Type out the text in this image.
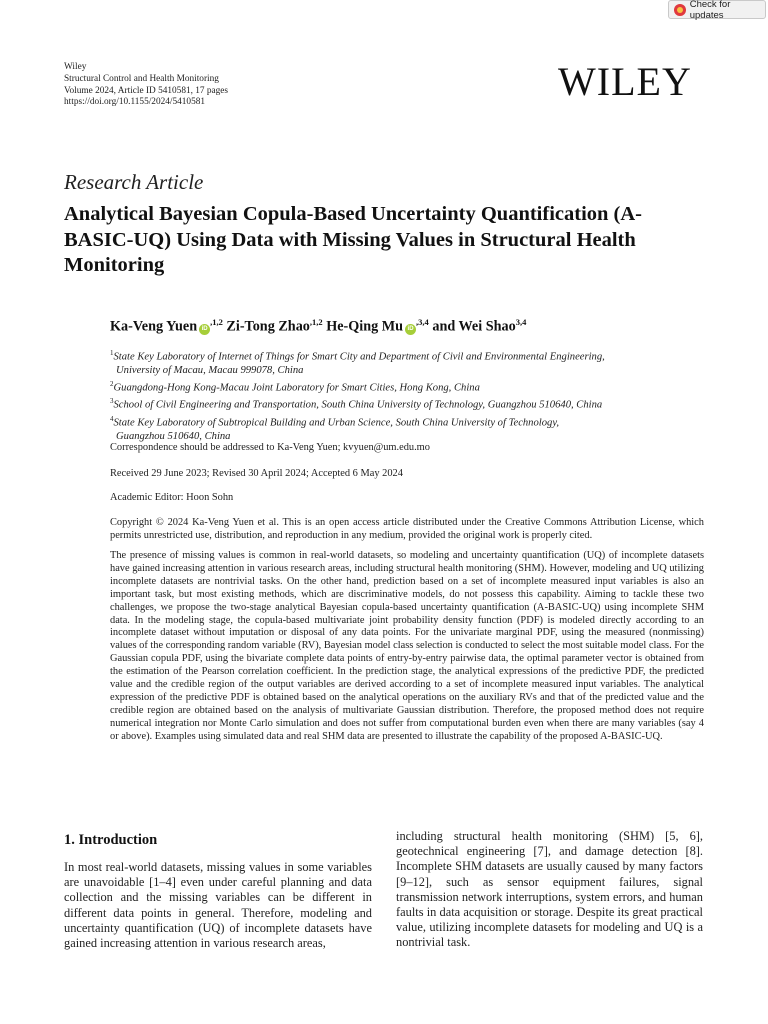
Check for updates
Wiley
Structural Control and Health Monitoring
Volume 2024, Article ID 5410581, 17 pages
https://doi.org/10.1155/2024/5410581	WILEY
Research Article
Analytical Bayesian Copula-Based Uncertainty Quantification (A-BASIC-UQ) Using Data with Missing Values in Structural Health Monitoring
Ka-Veng Yuen $iD^{,1,2}$ Zi-Tong Zhao$^{,1,2}$ He-Qing Mu $iD^{,3,4}$ and Wei Shao$^{3,4}$
$^1$State Key Laboratory of Internet of Things for Smart City and Department of Civil and Environmental Engineering,
University of Macau, Macau 999078, China
$^2$Guangdong-Hong Kong-Macau Joint Laboratory for Smart Cities, Hong Kong, China
$^3$School of Civil Engineering and Transportation, South China University of Technology, Guangzhou 510640, China
$^4$State Key Laboratory of Subtropical Building and Urban Science, South China University of Technology,
Guangzhou 510640, China
Correspondence should be addressed to Ka-Veng Yuen; kvyuen@um.edu.mo
Received 29 June 2023; Revised 30 April 2024; Accepted 6 May 2024
Academic Editor: Hoon Sohn
Copyright © 2024 Ka-Veng Yuen et al. This is an open access article distributed under the Creative Commons Attribution License, which permits unrestricted use, distribution, and reproduction in any medium, provided the original work is properly cited.
The presence of missing values is common in real-world datasets, so modeling and uncertainty quantification (UQ) of incomplete datasets have gained increasing attention in various research areas, including structural health monitoring (SHM). However, modeling and UQ utilizing incomplete datasets are nontrivial tasks. On the other hand, prediction based on a set of incomplete measured input variables is also an important task, but most existing methods, which are discriminative models, do not possess this capability. Aiming to tackle these two challenges, we propose the two-stage analytical Bayesian copula-based uncertainty quantification (A-BASIC-UQ) using incomplete SHM data. In the modeling stage, the copula-based multivariate joint probability density function (PDF) is modeled directly according to an incomplete dataset without imputation or disposal of any data points. For the univariate marginal PDF, using the measured (nonmissing) values of the corresponding random variable (RV), Bayesian model class selection is conducted to select the most suitable model class. For the Gaussian copula PDF, using the bivariate complete data points of entry-by-entry pairwise data, the optimal parameter vector is obtained from the estimation of the Pearson correlation coefficient. In the prediction stage, the analytical expressions of the predictive PDF, the predicted value and the credible region of the output variables are derived according to a set of incomplete measured input variables. The analytical expression of the predictive PDF is obtained based on the analytical operations on the auxiliary RVs and that of the predicted value and the credible region are obtained based on the analysis of multivariate Gaussian distribution. Therefore, the proposed method does not require numerical integration nor Monte Carlo simulation and does not suffer from computational burden even when there are many variables (say 4 or above). Examples using simulated data and real SHM data are presented to illustrate the capability of the proposed A-BASIC-UQ.
1. Introduction
In most real-world datasets, missing values in some variables are unavoidable [1–4] even under careful planning and data collection and the missing variables can be different in different data points in general. Therefore, modeling and uncertainty quantification (UQ) of incomplete datasets have gained increasing attention in various research areas,
including structural health monitoring (SHM) [5, 6], geotechnical engineering [7], and damage detection [8]. Incomplete SHM datasets are usually caused by many factors [9–12], such as sensor equipment failures, signal transmission network interruptions, system errors, and human faults in data acquisition or storage. Despite its great practical value, utilizing incomplete datasets for modeling and UQ is a nontrivial task.
